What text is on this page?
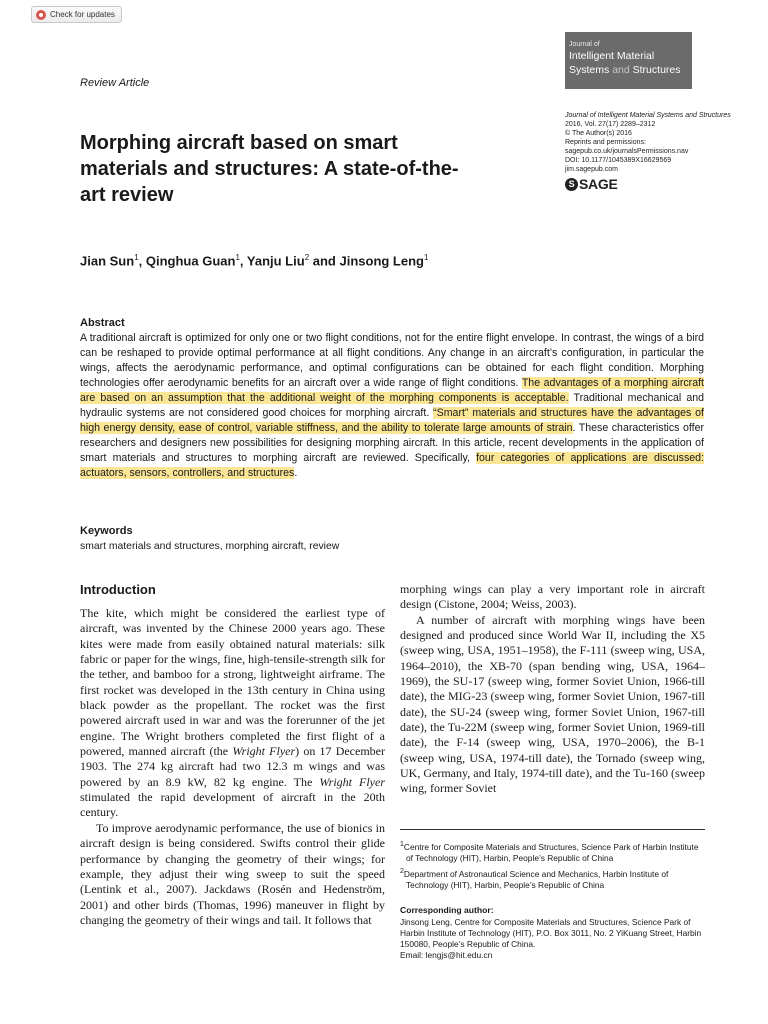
Check for updates
Journal of
Intelligent Material
Systems and Structures
Review Article
Journal of Intelligent Material Systems and Structures
2016, Vol. 27(17) 2289–2312
© The Author(s) 2016
Reprints and permissions:
sagepub.co.uk/journalsPermissions.nav
DOI: 10.1177/1045389X16629569
jim.sagepub.com
S SAGE
Morphing aircraft based on smart materials and structures: A state-of-the-art review
Jian Sun$^1$, Qinghua Guan$^1$, Yanju Liu$^2$ and Jinsong Leng$^1$
Abstract

A traditional aircraft is optimized for only one or two flight conditions, not for the entire flight envelope. In contrast, the wings of a bird can be reshaped to provide optimal performance at all flight conditions. Any change in an aircraft’s configuration, in particular the wings, affects the aerodynamic performance, and optimal configurations can be obtained for each flight condition. Morphing technologies offer aerodynamic benefits for an aircraft over a wide range of flight conditions. The advantages of a morphing aircraft are based on an assumption that the additional weight of the morphing components is acceptable. Traditional mechanical and hydraulic systems are not considered good choices for morphing aircraft. “Smart” materials and structures have the advantages of high energy density, ease of control, variable stiffness, and the ability to tolerate large amounts of strain. These characteristics offer researchers and designers new possibilities for designing morphing aircraft. In this article, recent developments in the application of smart materials and structures to morphing aircraft are reviewed. Specifically, four categories of applications are discussed: actuators, sensors, controllers, and structures.

Keywords
smart materials and structures, morphing aircraft, review
Introduction

The kite, which might be considered the earliest type of aircraft, was invented by the Chinese 2000 years ago. These kites were made from easily obtained natural materials: silk fabric or paper for the wings, fine, high-tensile-strength silk for the tether, and bamboo for a strong, lightweight airframe. The first rocket was developed in the 13th century in China using black powder as the propellant. The rocket was the first powered aircraft used in war and was the forerunner of the jet engine. The Wright brothers completed the first flight of a powered, manned aircraft (the Wright Flyer) on 17 December 1903. The 274 kg aircraft had two 12.3 m wings and was powered by an 8.9 kW, 82 kg engine. The Wright Flyer stimulated the rapid development of aircraft in the 20th century.

To improve aerodynamic performance, the use of bionics in aircraft design is being considered. Swifts control their glide performance by changing the geometry of their wings; for example, they adjust their wing sweep to suit the speed (Lentink et al., 2007). Jackdaws (Rosén and Hedenström, 2001) and other birds (Thomas, 1996) maneuver in flight by changing the geometry of their wings and tail. It follows that

morphing wings can play a very important role in aircraft design (Cistone, 2004; Weiss, 2003).

A number of aircraft with morphing wings have been designed and produced since World War II, including the X5 (sweep wing, USA, 1951–1958), the F-111 (sweep wing, USA, 1964–2010), the XB-70 (span bending wing, USA, 1964–1969), the SU-17 (sweep wing, former Soviet Union, 1966-till date), the MIG-23 (sweep wing, former Soviet Union, 1967-till date), the SU-24 (sweep wing, former Soviet Union, 1967-till date), the Tu-22M (sweep wing, former Soviet Union, 1969-till date), the F-14 (sweep wing, USA, 1970–2006), the B-1 (sweep wing, USA, 1974-till date), the Tornado (sweep wing, UK, Germany, and Italy, 1974-till date), and the Tu-160 (sweep wing, former Soviet

$^1$Centre for Composite Materials and Structures, Science Park of Harbin Institute of Technology (HIT), Harbin, People’s Republic of China

$^2$Department of Astronautical Science and Mechanics, Harbin Institute of Technology (HIT), Harbin, People’s Republic of China

Corresponding author:

Jinsong Leng, Centre for Composite Materials and Structures, Science Park of Harbin Institute of Technology (HIT), P.O. Box 3011, No. 2 YiKuang Street, Harbin 150080, People’s Republic of China.

Email: lengjs@hit.edu.cn
